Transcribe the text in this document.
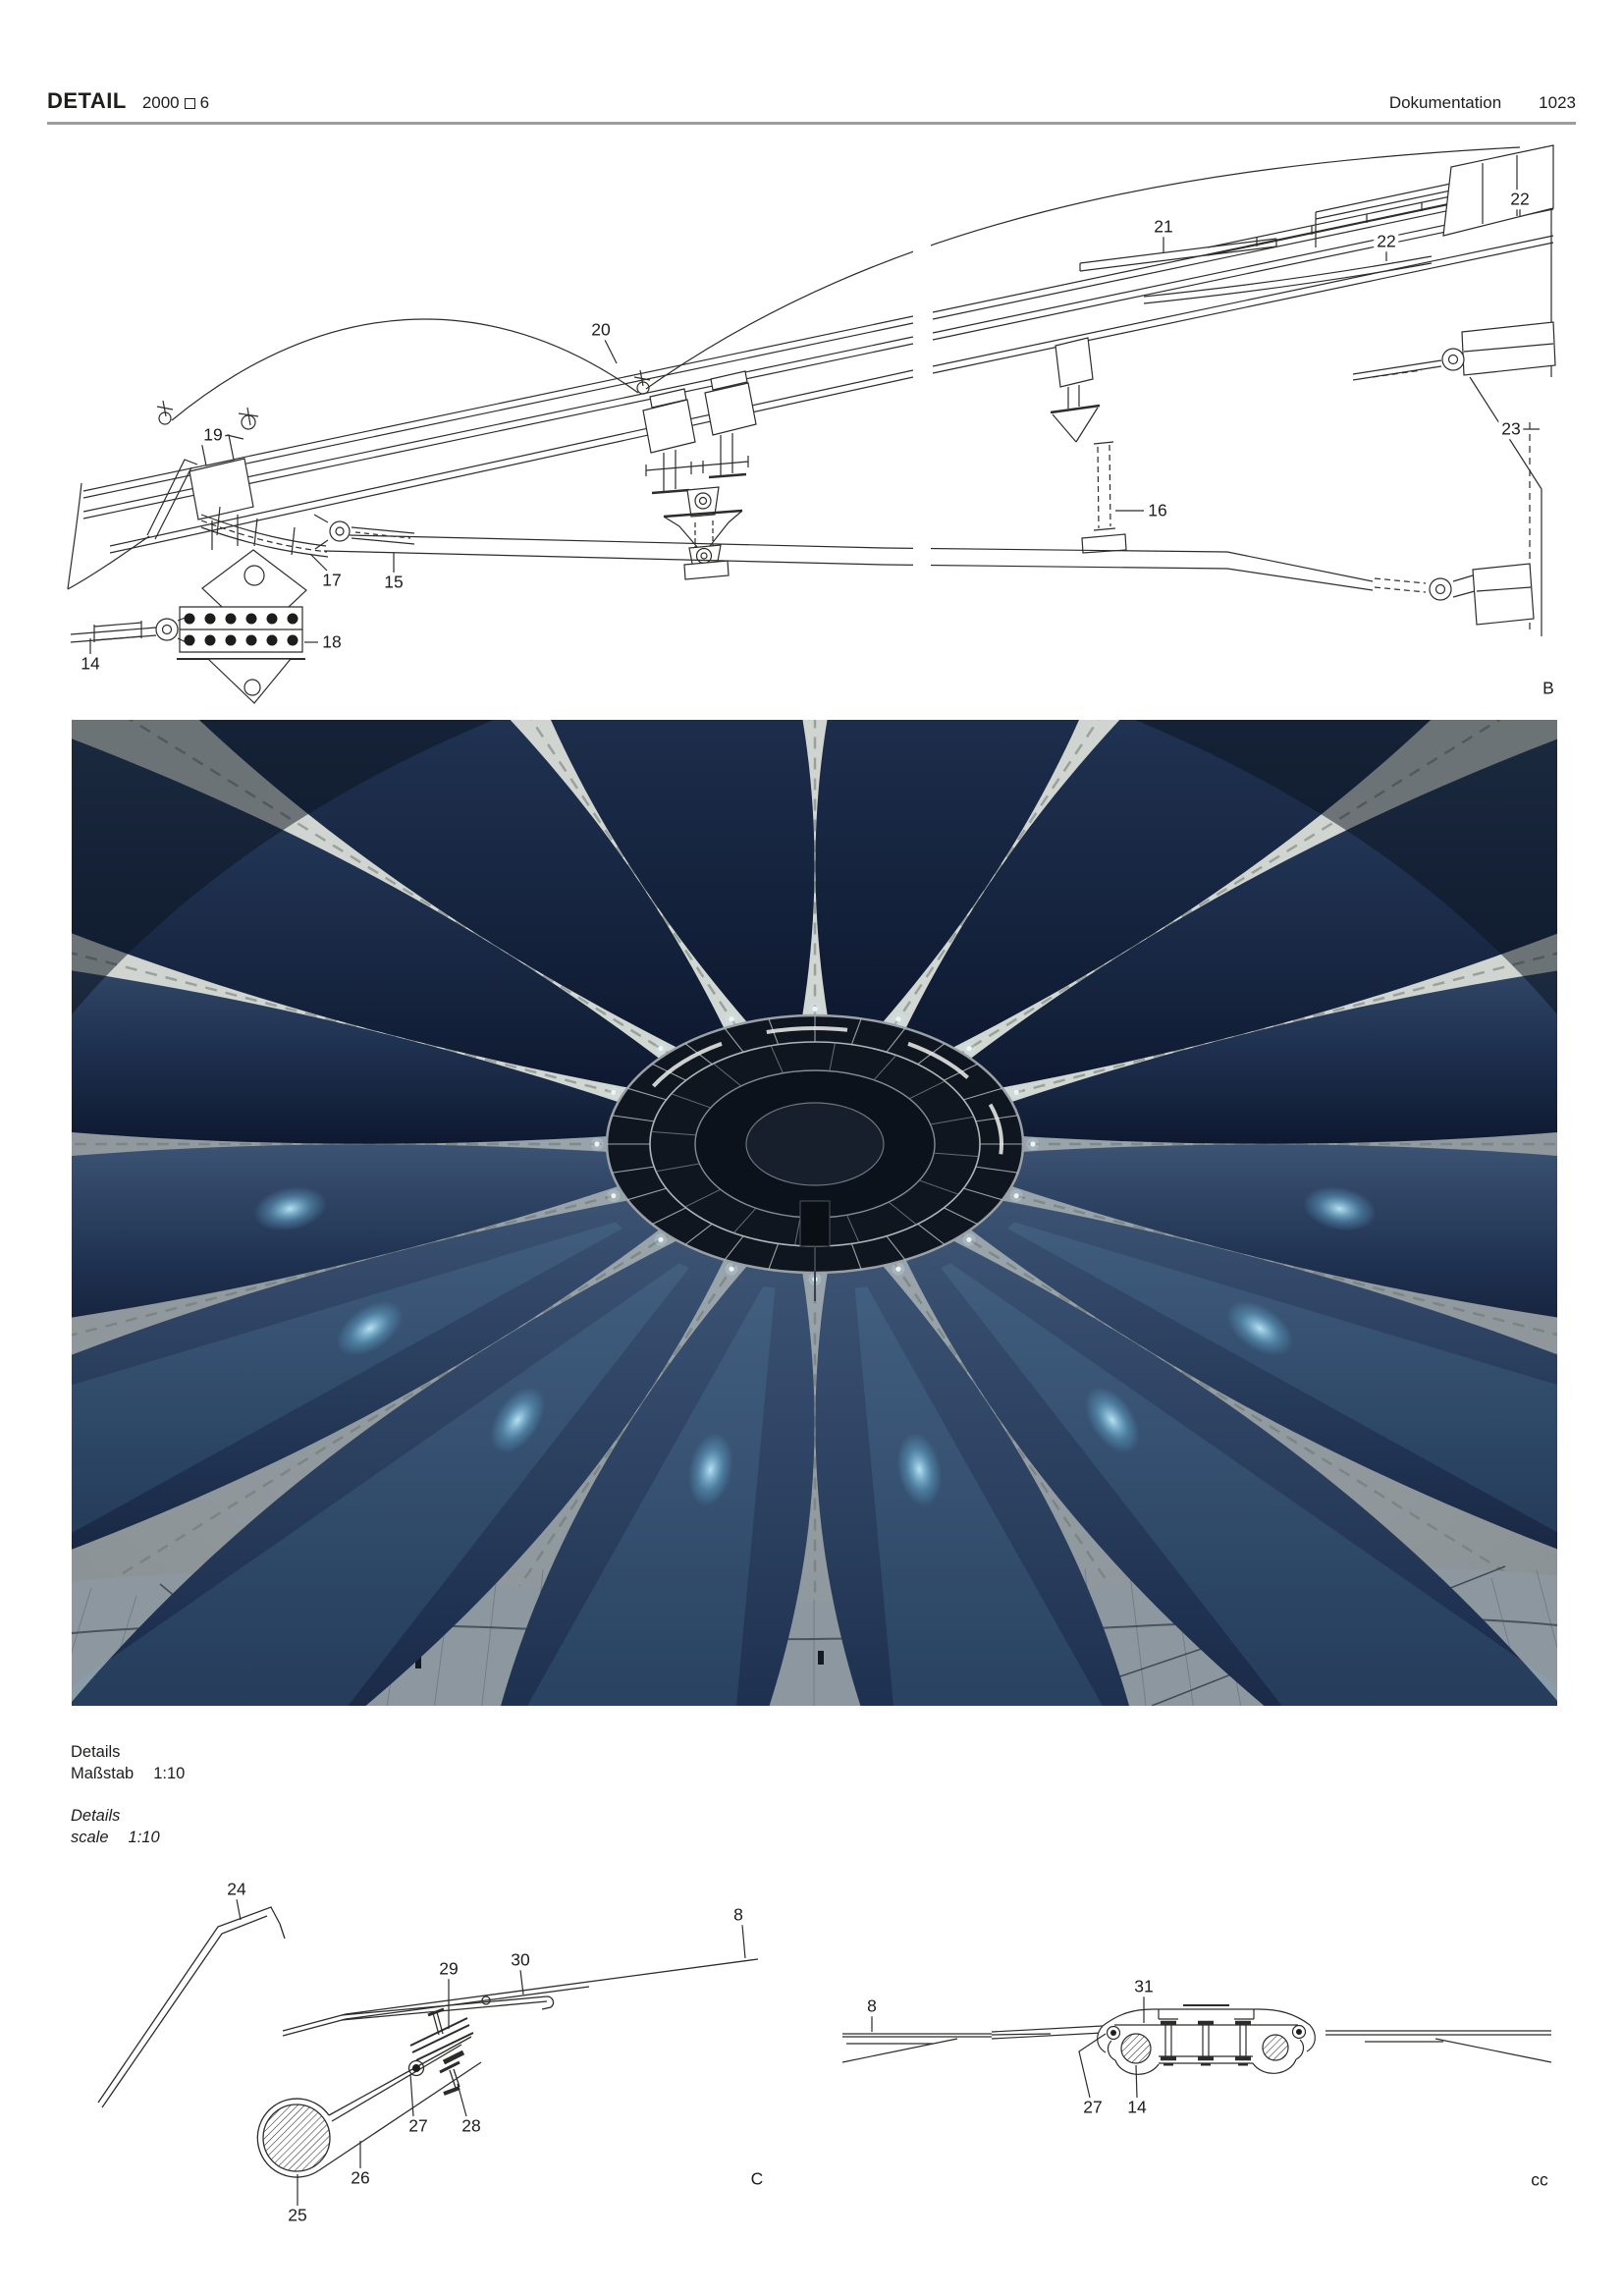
DETAIL 2000 6	Dokumentation 1023
Details
Maßstab 1:10
Details
scale 1:10
20
19
21
22
22
23
16
17 15
18
14
B
24
8
29	30
27 28
26
25
C
8
31
27 14
cc
